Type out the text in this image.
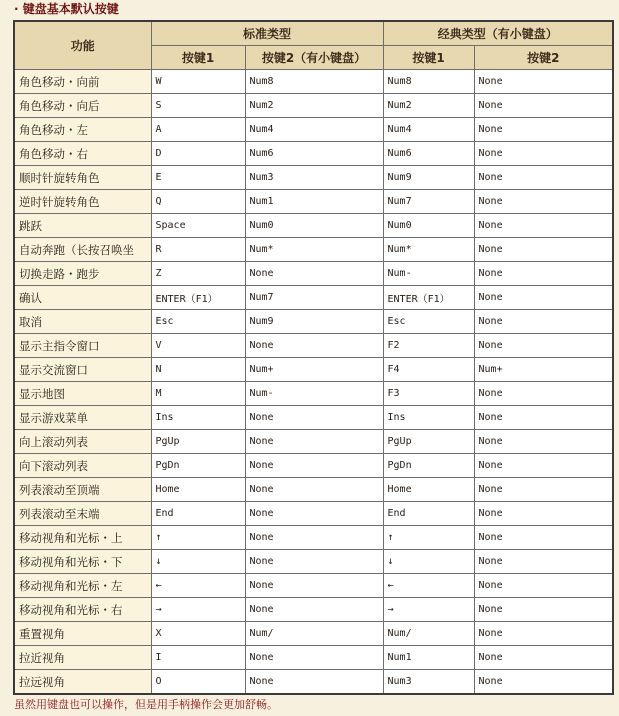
· 键盘基本默认按键
功能	标准类型		经典类型（有小键盘）	
	按键1	按键2（有小键盘）	按键1	按键2
角色移动・向前	W	Num8	Num8	None
角色移动・向后	S	Num2	Num2	None
角色移动・左	A	Num4	Num4	None
角色移动・右	D	Num6	Num6	None
顺时针旋转角色	E	Num3	Num9	None
逆时针旋转角色	Q	Num1	Num7	None
跳跃	Space	Num0	Num0	None
自动奔跑（长按召唤坐	R	Num*	Num*	None
切换走路・跑步	Z	None	Num-	None
确认	ENTER（F1）	Num7	ENTER（F1）	None
取消	Esc	Num9	Esc	None
显示主指令窗口	V	None	F2	None
显示交流窗口	N	Num+	F4	Num+
显示地图	M	Num-	F3	None
显示游戏菜单	Ins	None	Ins	None
向上滚动列表	PgUp	None	PgUp	None
向下滚动列表	PgDn	None	PgDn	None
列表滚动至顶端	Home	None	Home	None
列表滚动至末端	End	None	End	None
移动视角和光标・上	↑	None	↑	None
移动视角和光标・下	↓	None	↓	None
移动视角和光标・左	←	None	←	None
移动视角和光标・右	→	None	→	None
重置视角	X	Num/	Num/	None
拉近视角	I	None	Num1	None
拉远视角	O	None	Num3	None
虽然用键盘也可以操作，但是用手柄操作会更加舒畅。
